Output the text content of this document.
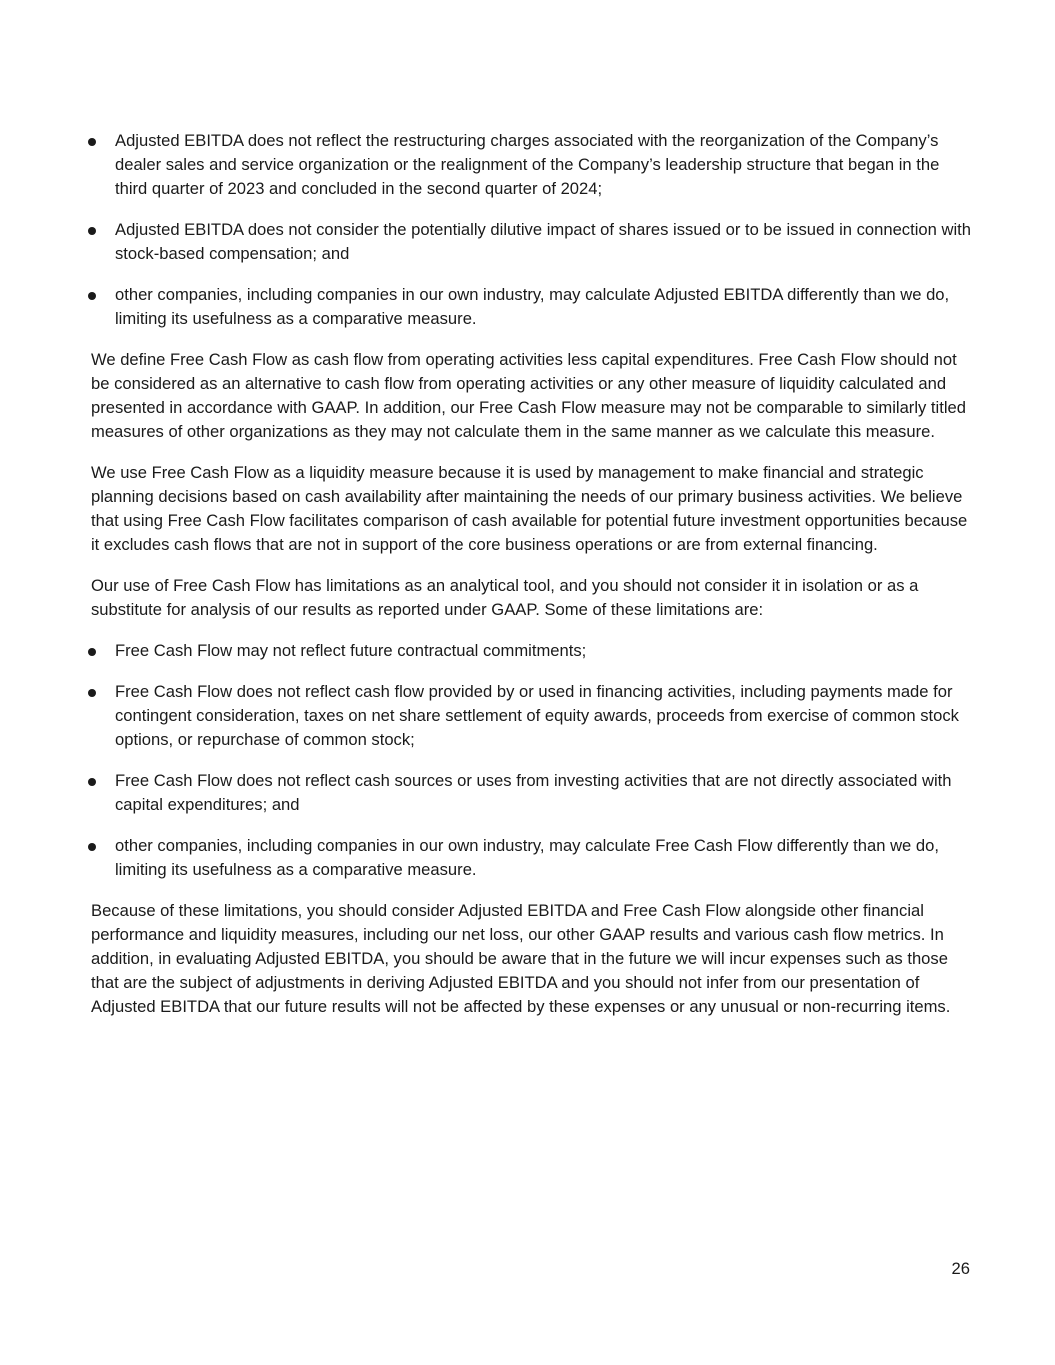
Adjusted EBITDA does not reflect the restructuring charges associated with the reorganization of the Company’s dealer sales and service organization or the realignment of the Company’s leadership structure that began in the third quarter of 2023 and concluded in the second quarter of 2024;
Adjusted EBITDA does not consider the potentially dilutive impact of shares issued or to be issued in connection with stock-based compensation; and
other companies, including companies in our own industry, may calculate Adjusted EBITDA differently than we do, limiting its usefulness as a comparative measure.

We define Free Cash Flow as cash flow from operating activities less capital expenditures. Free Cash Flow should not be considered as an alternative to cash flow from operating activities or any other measure of liquidity calculated and presented in accordance with GAAP. In addition, our Free Cash Flow measure may not be comparable to similarly titled measures of other organizations as they may not calculate them in the same manner as we calculate this measure.

We use Free Cash Flow as a liquidity measure because it is used by management to make financial and strategic planning decisions based on cash availability after maintaining the needs of our primary business activities. We believe that using Free Cash Flow facilitates comparison of cash available for potential future investment opportunities because it excludes cash flows that are not in support of the core business operations or are from external financing.

Our use of Free Cash Flow has limitations as an analytical tool, and you should not consider it in isolation or as a substitute for analysis of our results as reported under GAAP. Some of these limitations are:

Free Cash Flow may not reflect future contractual commitments;
Free Cash Flow does not reflect cash flow provided by or used in financing activities, including payments made for contingent consideration, taxes on net share settlement of equity awards, proceeds from exercise of common stock options, or repurchase of common stock;
Free Cash Flow does not reflect cash sources or uses from investing activities that are not directly associated with capital expenditures; and
other companies, including companies in our own industry, may calculate Free Cash Flow differently than we do, limiting its usefulness as a comparative measure.

Because of these limitations, you should consider Adjusted EBITDA and Free Cash Flow alongside other financial performance and liquidity measures, including our net loss, our other GAAP results and various cash flow metrics. In addition, in evaluating Adjusted EBITDA, you should be aware that in the future we will incur expenses such as those that are the subject of adjustments in deriving Adjusted EBITDA and you should not infer from our presentation of Adjusted EBITDA that our future results will not be affected by these expenses or any unusual or non-recurring items.

26
